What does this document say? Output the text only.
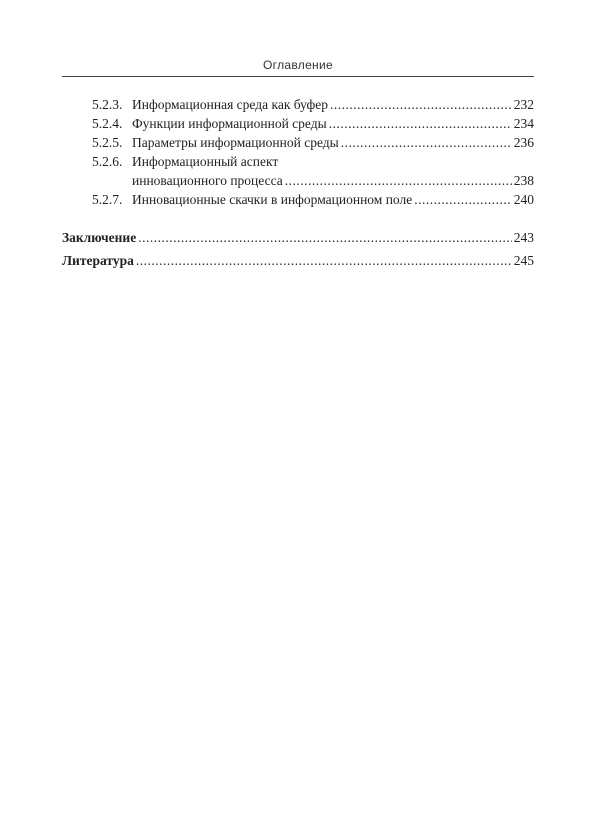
Оглавление
5.2.3. Информационная среда как буфер .....	232
5.2.4. Функции информационной среды .....	234
5.2.5. Параметры информационной среды .....	236
5.2.6. Информационный аспект
инновационного процесса .....	238
5.2.7. Инновационные скачки в информационном поле .....	240
Заключение .....	243
Литература .....	245
